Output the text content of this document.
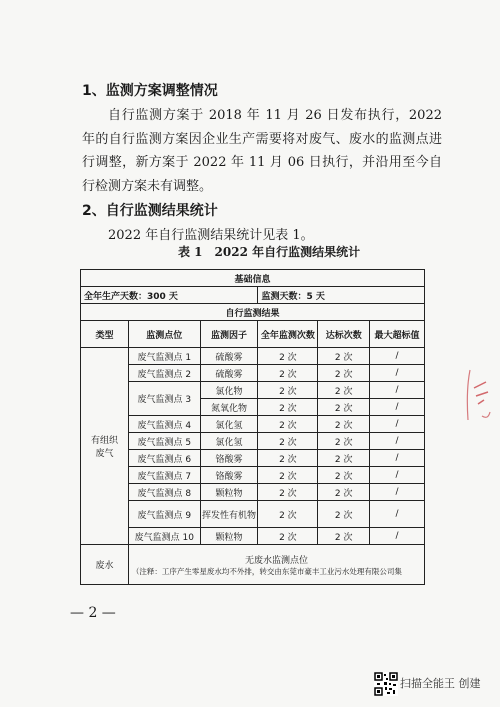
1、监测方案调整情况
自行监测方案于 2018 年 11 月 26 日发布执行，2022 年的自行监测方案因企业生产需要将对废气、废水的监测点进行调整，新方案于 2022 年 11 月 06 日执行，并沿用至今自行检测方案未有调整。
2、自行监测结果统计
2022 年自行监测结果统计见表 1。
表 1　2022 年自行监测结果统计
基础信息					
全年生产天数：300 天			监测天数：5 天		
自行监测结果					
类型	监测点位	监测因子	全年监测次数	达标次数	最大超标值
有组织废气	废气监测点 1	硫酸雾	2 次	2 次	/
	废气监测点 2	硫酸雾	2 次	2 次	/
	废气监测点 3	氯化物	2 次	2 次	/
		氮氧化物	2 次	2 次	/
	废气监测点 4	氯化氢	2 次	2 次	/
	废气监测点 5	氯化氢	2 次	2 次	/
	废气监测点 6	铬酸雾	2 次	2 次	/
	废气监测点 7	铬酸雾	2 次	2 次	/
	废气监测点 8	颗粒物	2 次	2 次	/
	废气监测点 9	挥发性有机物	2 次	2 次	/
	废气监测点 10	颗粒物	2 次	2 次	/
废水	无废水监测点位
（注释：工序产生零星废水均不外排，转交由东莞市豪丰工业污水处理有限公司集				
— 2 —
扫描全能王 创建
